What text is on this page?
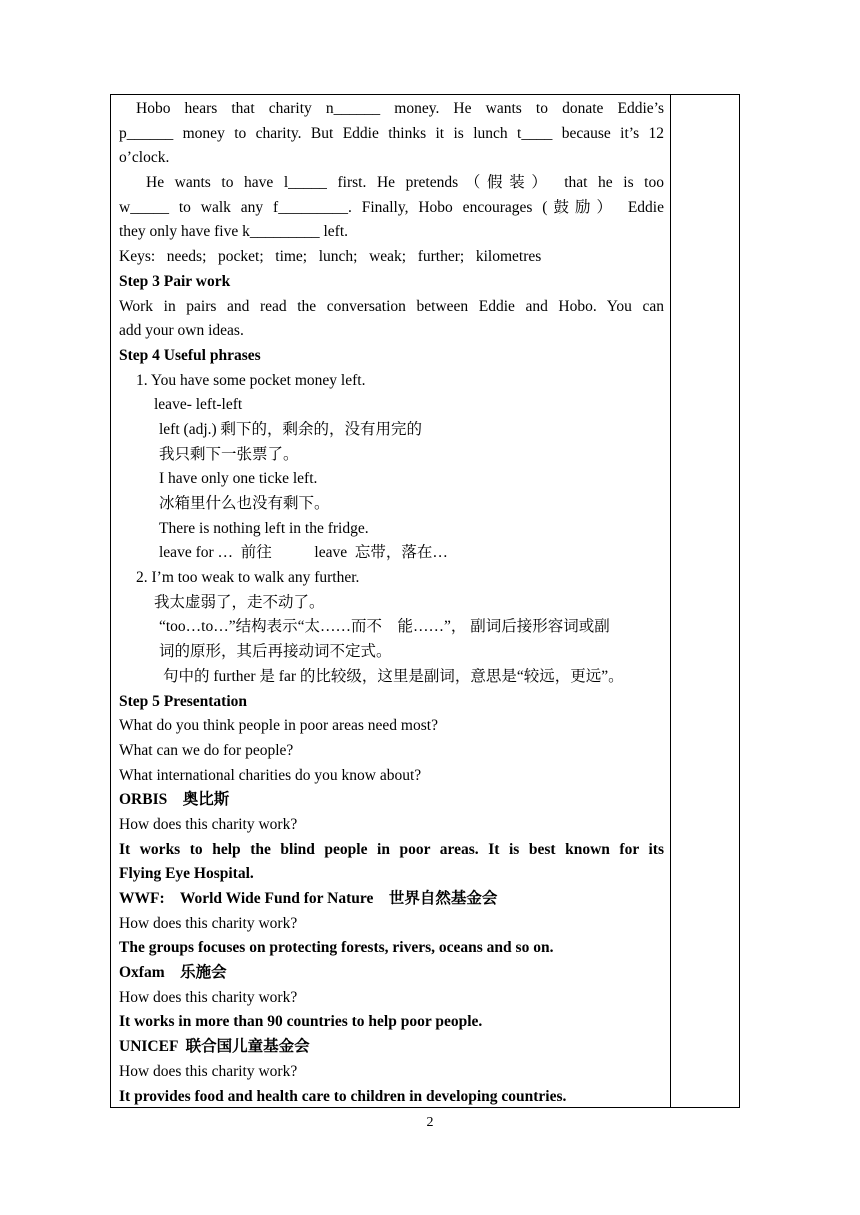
Hobo hears that charity n______ money. He wants to donate Eddie’s
p______ money to charity. But Eddie thinks it is lunch t____ because it’s 12
o’clock.
He wants to have l_____ first. He pretends（假装） that he is too
w_____ to walk any f_________. Finally, Hobo encourages (鼓励） Eddie
they only have five k_________ left.
Keys:   needs;   pocket;   time;   lunch;   weak;   further;   kilometres
Step 3 Pair work
Work in pairs and read the conversation between Eddie and Hobo. You can
add your own ideas.
Step 4 Useful phrases
1. You have some pocket money left.
leave- left-left
left (adj.) 剩下的，剩余的，没有用完的
我只剩下一张票了。
I have only one ticke left.
冰箱里什么也没有剩下。
There is nothing left in the fridge.
leave for …  前往           leave  忘带，落在…
2. I’m too weak to walk any further.
我太虚弱了，走不动了。
“too…to…”结构表示“太……而不    能……”， 副词后接形容词或副
词的原形，其后再接动词不定式。
句中的 further 是 far 的比较级，这里是副词，意思是“较远，更远”。
Step 5 Presentation
What do you think people in poor areas need most?
What can we do for people?
What international charities do you know about?
ORBIS    奥比斯
How does this charity work?
It works to help the blind people in poor areas. It is best known for its
Flying Eye Hospital.
WWF:    World Wide Fund for Nature    世界自然基金会
How does this charity work?
The groups focuses on protecting forests, rivers, oceans and so on.
Oxfam    乐施会
How does this charity work?
It works in more than 90 countries to help poor people.
UNICEF  联合国儿童基金会
How does this charity work?
It provides food and health care to children in developing countries.
2
